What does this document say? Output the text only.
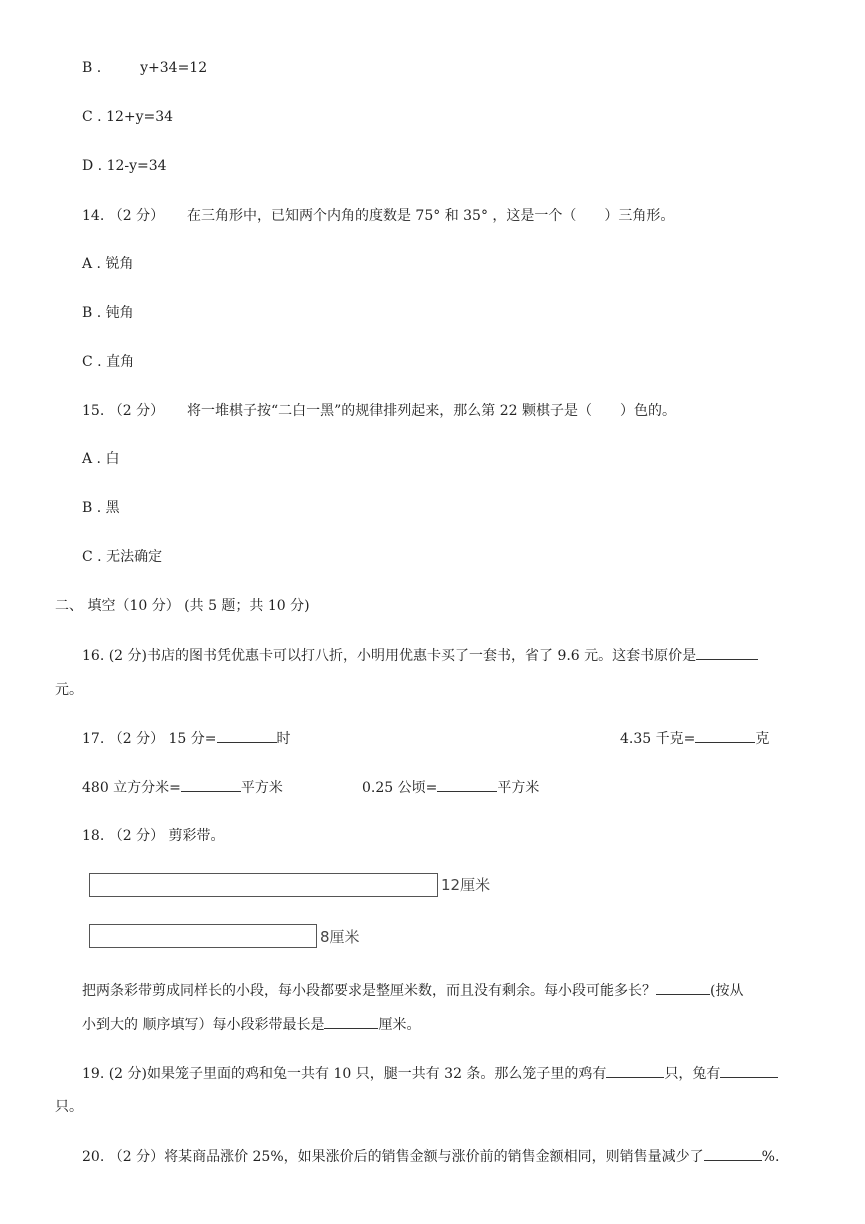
B .	y+34=12
C . 12+y=34
D . 12-y=34
14. （2 分） 在三角形中，已知两个内角的度数是 75° 和 35° ，这是一个（　　）三角形。
A . 锐角
B . 钝角
C . 直角
15. （2 分） 将一堆棋子按“二白一黑”的规律排列起来，那么第 22 颗棋子是（　　）色的。
A . 白
B . 黑
C . 无法确定
二、 填空（10 分） (共 5 题；共 10 分)
16. (2 分)书店的图书凭优惠卡可以打八折，小明用优惠卡买了一套书，省了 9.6 元。这套书原价是
元。
17. （2 分） 15 分=	时	4.35 千克=	克
480 立方分米=	平方米	0.25 公顷=	平方米
18. （2 分） 剪彩带。
12厘米
8厘米
把两条彩带剪成同样长的小段，每小段都要求是整厘米数，而且没有剩余。每小段可能多长？	(按从
小到大的 顺序填写）每小段彩带最长是	厘米。
19. (2 分)如果笼子里面的鸡和兔一共有 10 只，腿一共有 32 条。那么笼子里的鸡有	只，兔有
只。
20. （2 分）将某商品涨价 25%，如果涨价后的销售金额与涨价前的销售金额相同，则销售量减少了	%.
